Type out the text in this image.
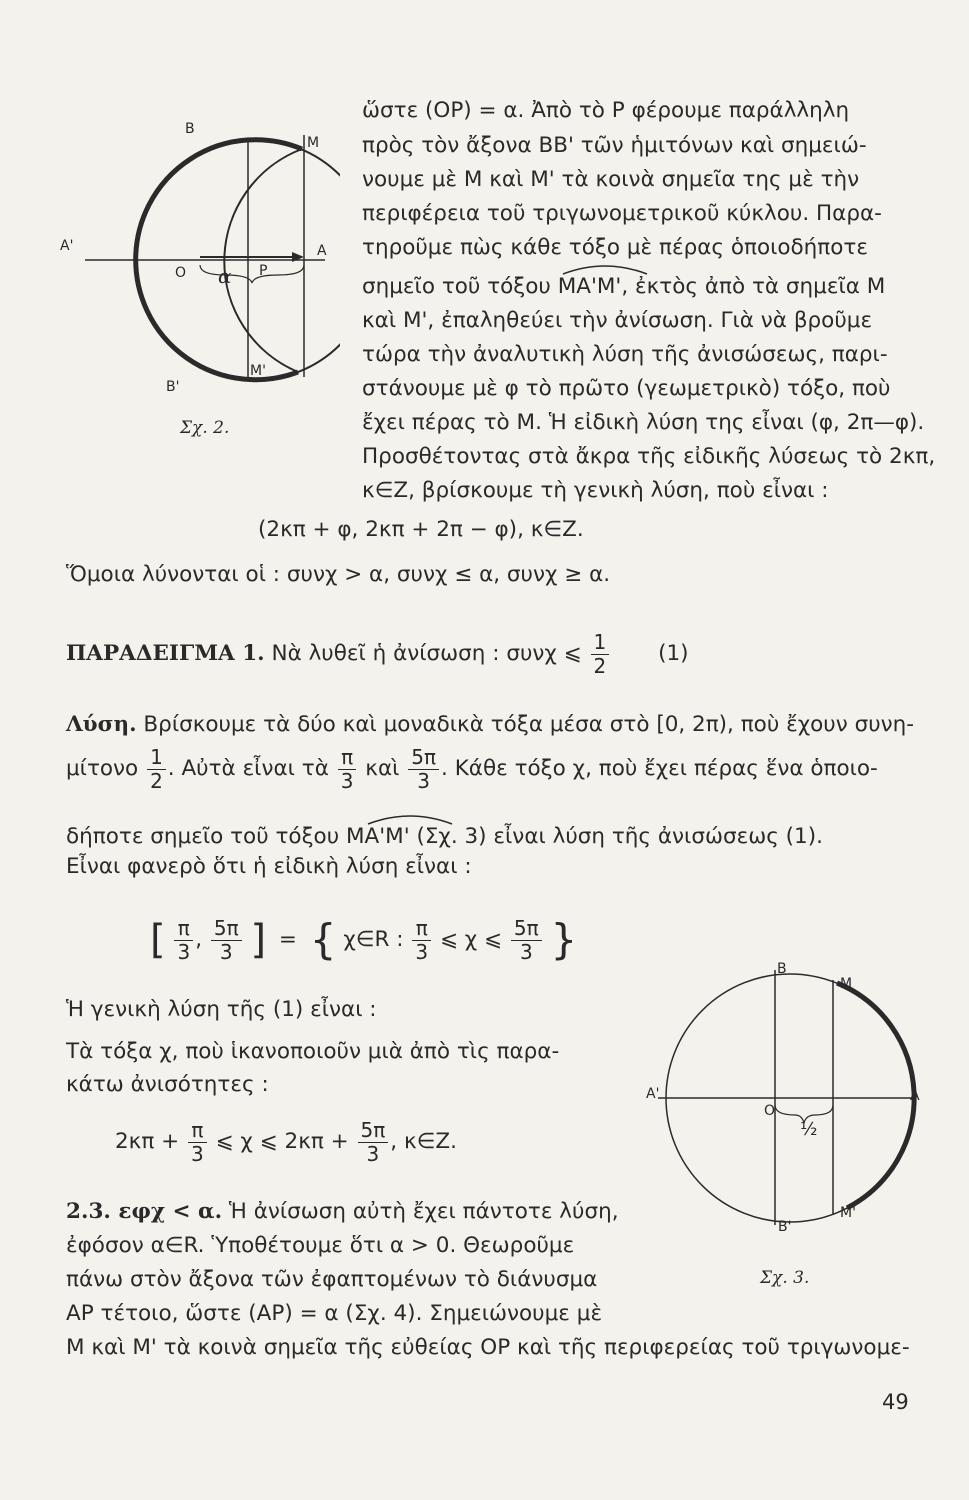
B
M
A'
O α P
A
B'
M'
Σχ. 2.
ὥστε (OP) = α. Ἀπὸ τὸ P φέρουμε παράλληλη
πρὸς τὸν ἄξονα BB' τῶν ἡμιτόνων καὶ σημειώ-
νουμε μὲ M καὶ M' τὰ κοινὰ σημεῖα της μὲ τὴν
περιφέρεια τοῦ τριγωνομετρικοῦ κύκλου. Παρα-
τηροῦμε πὼς κάθε τόξο μὲ πέρας ὁποιοδήποτε
σημεῖο τοῦ τόξου MA'M', ἐκτὸς ἀπὸ τὰ σημεῖα M
καὶ M', ἐπαληθεύει τὴν ἀνίσωση. Γιὰ νὰ βροῦμε
τώρα τὴν ἀναλυτικὴ λύση τῆς ἀνισώσεως, παρι-
στάνουμε μὲ φ τὸ πρῶτο (γεωμετρικὸ) τόξο, ποὺ
ἔχει πέρας τὸ M. Ἡ εἰδικὴ λύση της εἶναι (φ, 2π—φ).
Προσθέτοντας στὰ ἄκρα τῆς εἰδικῆς λύσεως τὸ 2κπ,
κ∈Z, βρίσκουμε τὴ γενικὴ λύση, ποὺ εἶναι :
(2κπ + φ, 2κπ + 2π − φ), κ∈Z.
Ὅμοια λύνονται οἱ : συνχ > α, συνχ ≤ α, συνχ ≥ α.
ΠΑΡΑΔΕΙΓΜΑ 1. Νὰ λυθεῖ ἡ ἀνίσωση : συνχ ⩽ $\frac{1}{2} (1)$
Λύση. Βρίσκουμε τὰ δύο καὶ μοναδικὰ τόξα μέσα στὸ [0, 2π), ποὺ ἔχουν συνη-
μίτονο $\frac{1}{2}$ . Αὐτὰ εἶναι τὰ $\frac{\pi}{3}$ καὶ $\frac{5\pi}{3}$ . Κάθε τόξο χ, ποὺ ἔχει πέρας ἕνα ὁποιο-
δήποτε σημεῖο τοῦ τόξου MA'M' (Σχ. 3) εἶναι λύση τῆς ἀνισώσεως (1).
Εἶναι φανερὸ ὅτι ἡ εἰδικὴ λύση εἶναι :
[ $\frac{\pi}{3}$ , $\frac{5\pi}{3}$ ] = { χ∈R : $\frac{\pi}{3}$ ⩽ χ ⩽ $\frac{5\pi}{3}$ }
Ἡ γενικὴ λύση τῆς (1) εἶναι :
Τὰ τόξα χ, ποὺ ἱκανοποιοῦν μιὰ ἀπὸ τὶς παρα-
κάτω ἀνισότητες :
$2\kappa\pi + \frac{\pi}{3}$ ⩽ χ ⩽ $2\kappa\pi + \frac{5\pi}{3}$ , κ∈Z.
B
M
A'
O
½
A
B'
M'
2.3. εφχ < α. Ἡ ἀνίσωση αὐτὴ ἔχει πάντοτε λύση,
ἐφόσον α∈R. Ὑποθέτουμε ὅτι α > 0. Θεωροῦμε
πάνω στὸν ἄξονα τῶν ἐφαπτομένων τὸ διάνυσμα
AP τέτοιο, ὥστε (AP) = α (Σχ. 4). Σημειώνουμε μὲ
M καὶ M' τὰ κοινὰ σημεῖα τῆς εὐθείας OP καὶ τῆς περιφερείας τοῦ τριγωνομε-
Σχ. 3.
49
